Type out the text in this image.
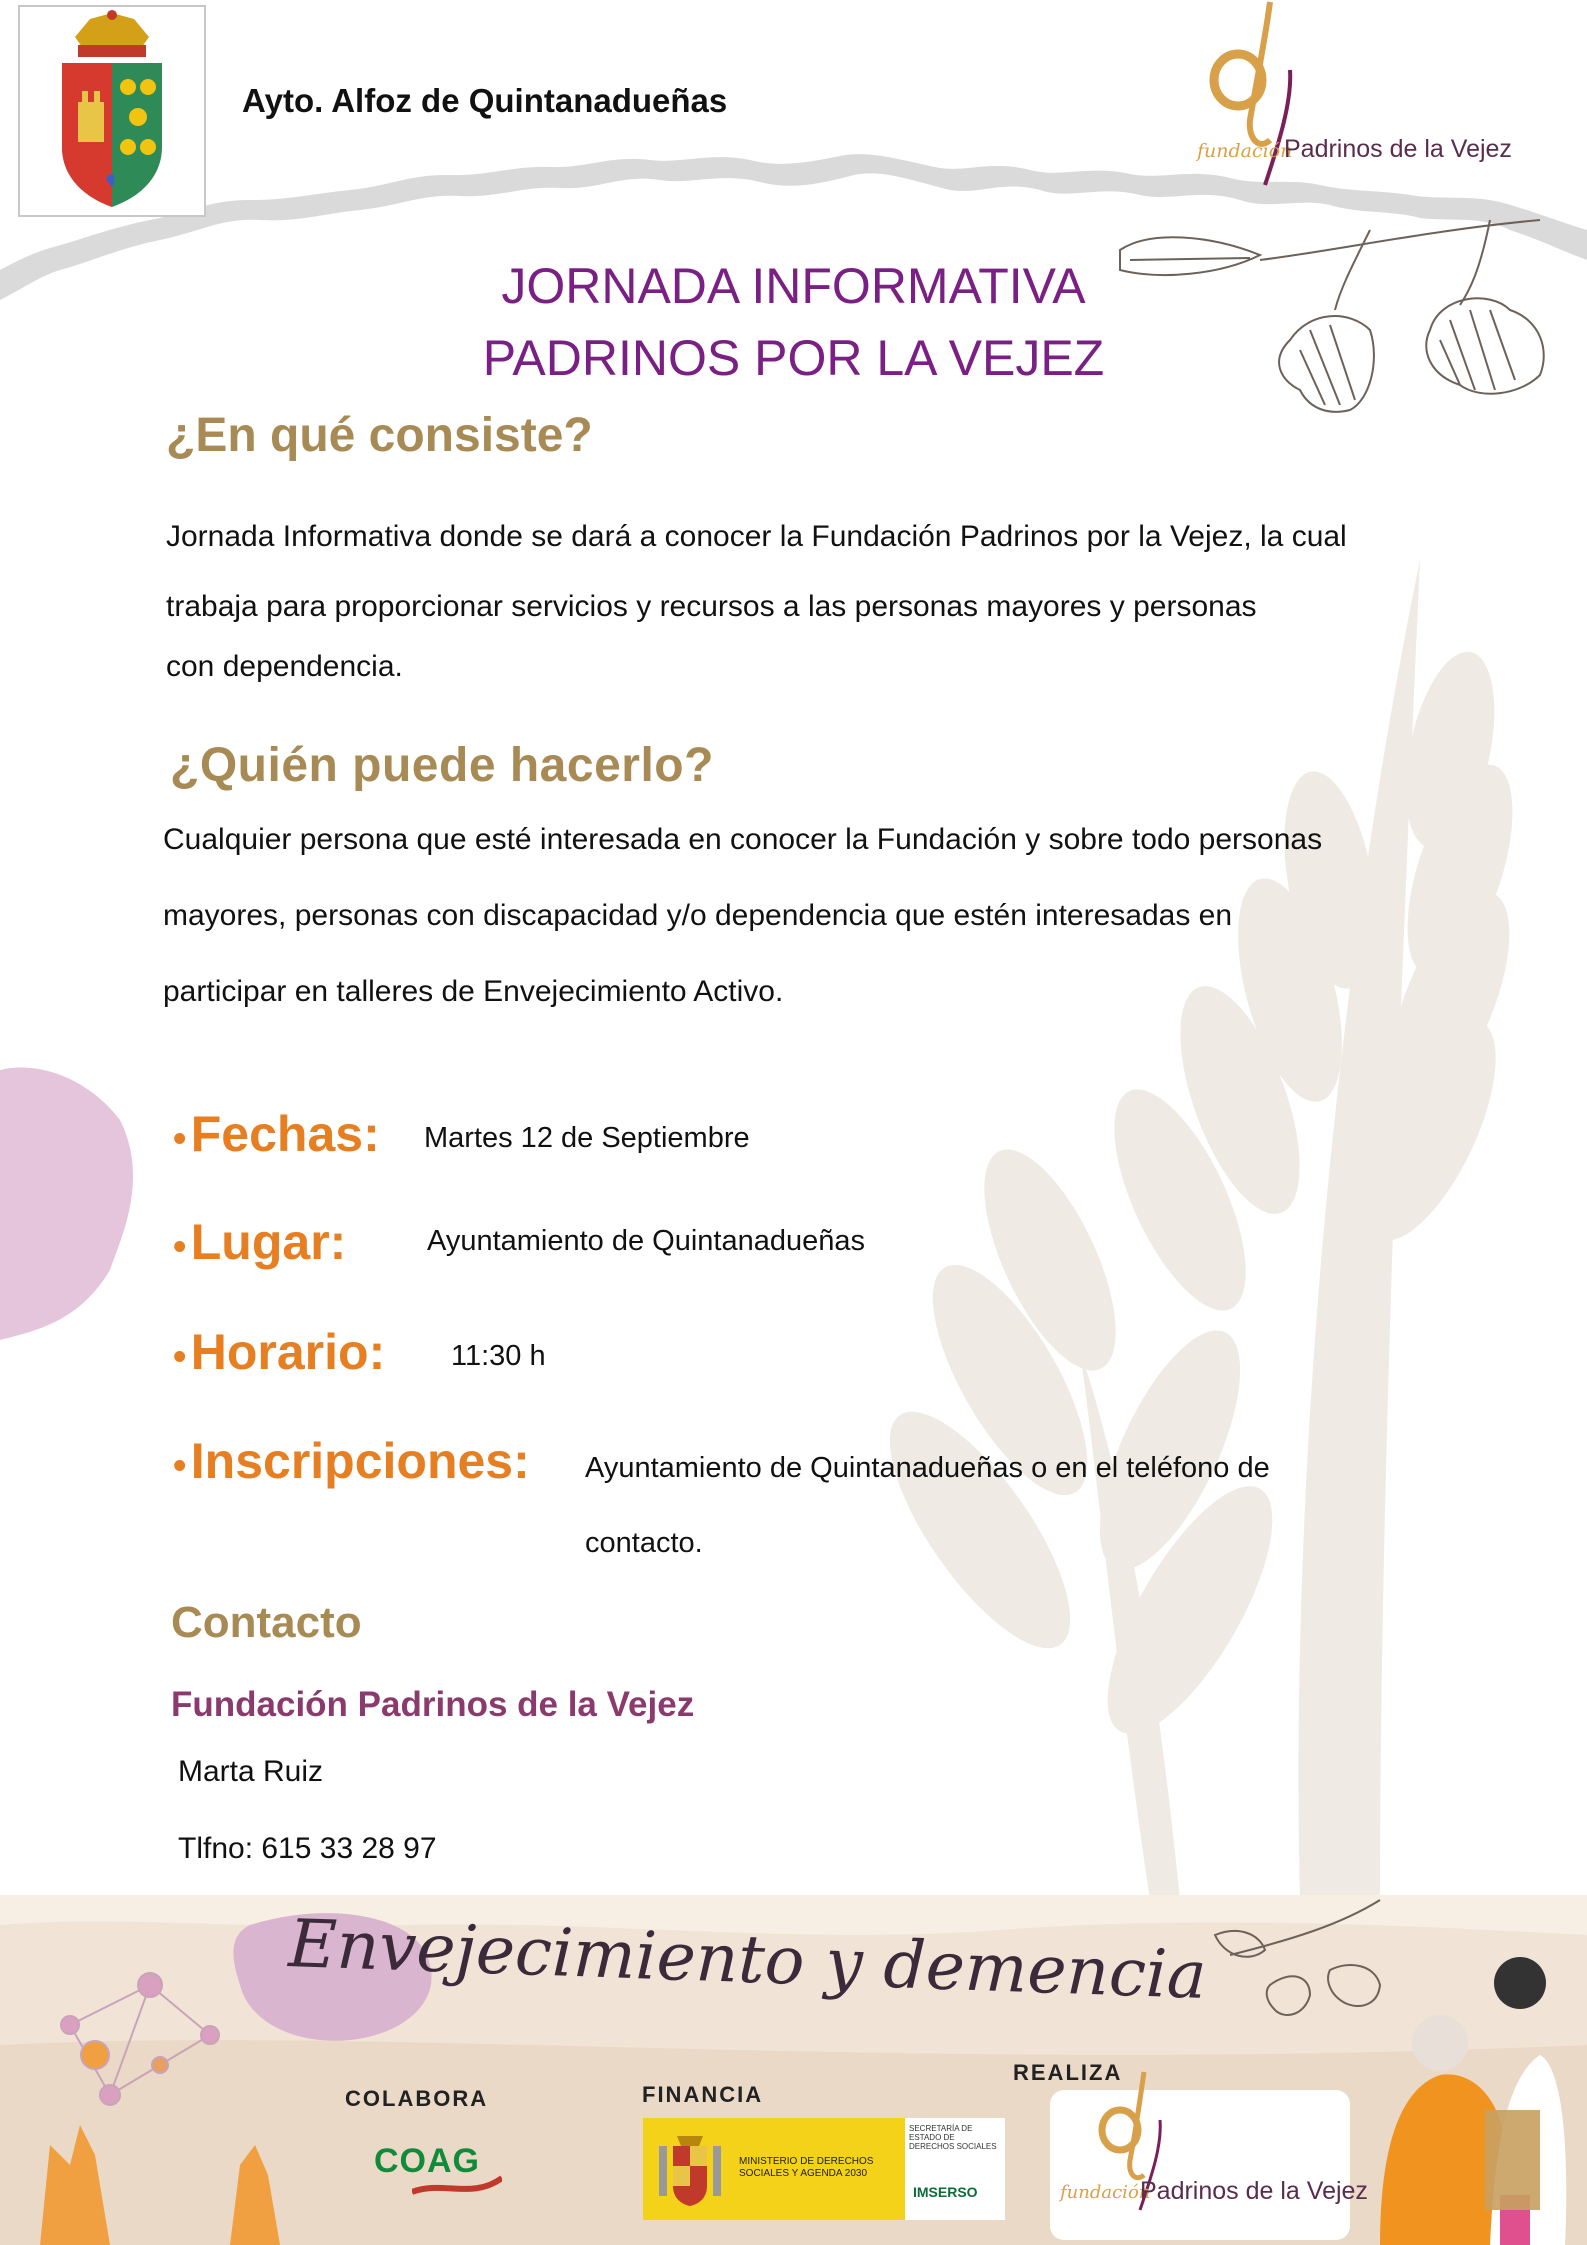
Ayto. Alfoz de Quintanadueñas
fundación
Padrinos de la Vejez
JORNADA INFORMATIVA
PADRINOS POR LA VEJEZ
¿En qué consiste?
Jornada Informativa donde se dará a conocer la Fundación Padrinos por la Vejez, la cual
trabaja para proporcionar servicios y recursos a las personas mayores y personas
con dependencia.
¿Quién puede hacerlo?
Cualquier persona que esté interesada en conocer la Fundación y sobre todo personas
mayores, personas con discapacidad y/o dependencia que estén interesadas en
participar en talleres de Envejecimiento Activo.
• Fechas: Martes 12 de Septiembre
• Lugar:	Ayuntamiento de Quintanadueñas
• Horario: 11:30 h
• Inscripciones: Ayuntamiento de Quintanadueñas o en el teléfono de
contacto.
Contacto
Fundación Padrinos de la Vejez
Marta Ruiz
Tlfno: 615 33 28 97
Envejecimiento y demencia
COLABORA	FINANCIA
REALIZA
COAG	MINISTERIO DE DERECHOS SOCIALES Y AGENDA 2030
SECRETARÍA DE ESTADO DE DERECHOS SOCIALES
IMSERSO	fundación
Padrinos de la Vejez
